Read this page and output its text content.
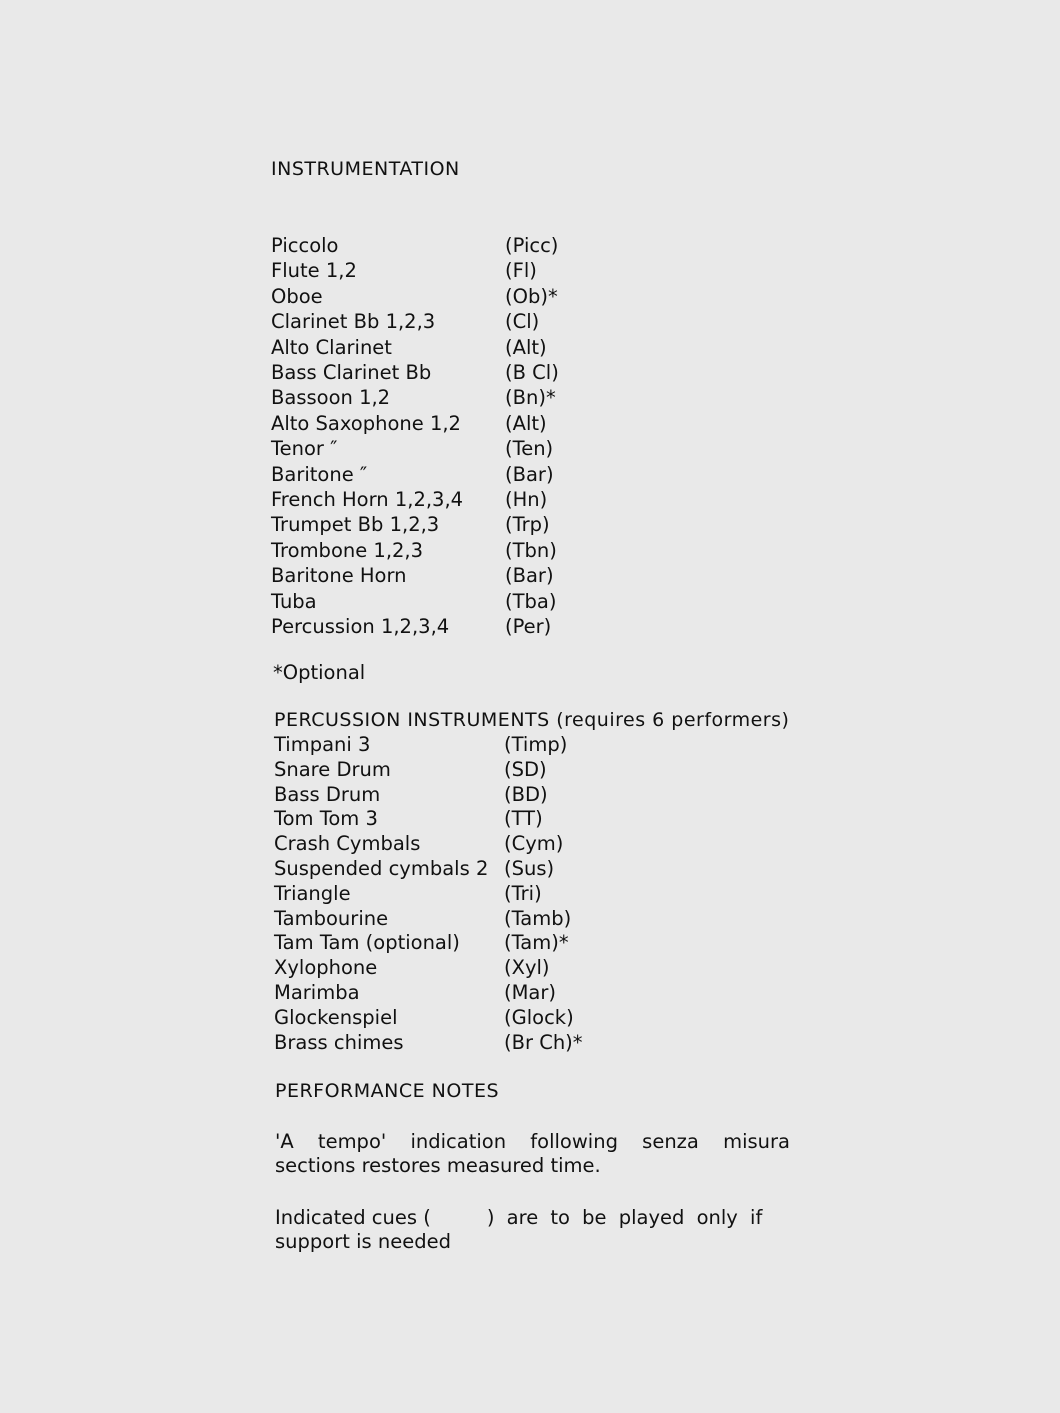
INSTRUMENTATION
Piccolo	(Picc)
Flute 1,2	(Fl)
Oboe	(Ob)*
Clarinet Bb 1,2,3	(Cl)
Alto Clarinet	(Alt)
Bass Clarinet Bb	(B Cl)
Bassoon 1,2	(Bn)*
Alto Saxophone 1,2 (Alt)
Tenor ″	(Ten)
Baritone ″	(Bar)
French Horn 1,2,3,4 (Hn)
Trumpet Bb 1,2,3	(Trp)
Trombone 1,2,3	(Tbn)
Baritone Horn	(Bar)
Tuba	(Tba)
Percussion 1,2,3,4	(Per)
*Optional
PERCUSSION INSTRUMENTS (requires 6 performers)
Timpani 3	(Timp)
Snare Drum	(SD)
Bass Drum	(BD)
Tom Tom 3	(TT)
Crash Cymbals	(Cym)
Suspended cymbals 2 (Sus)
Triangle	(Tri)
Tambourine	(Tamb)
Tam Tam (optional) (Tam)*
Xylophone	(Xyl)
Marimba	(Mar)
Glockenspiel	(Glock)
Brass chimes	(Br Ch)*
PERFORMANCE NOTES
'A tempo' indication following senza misura
sections restores measured time.
Indicated cues (	) are to be played only if
support is needed
